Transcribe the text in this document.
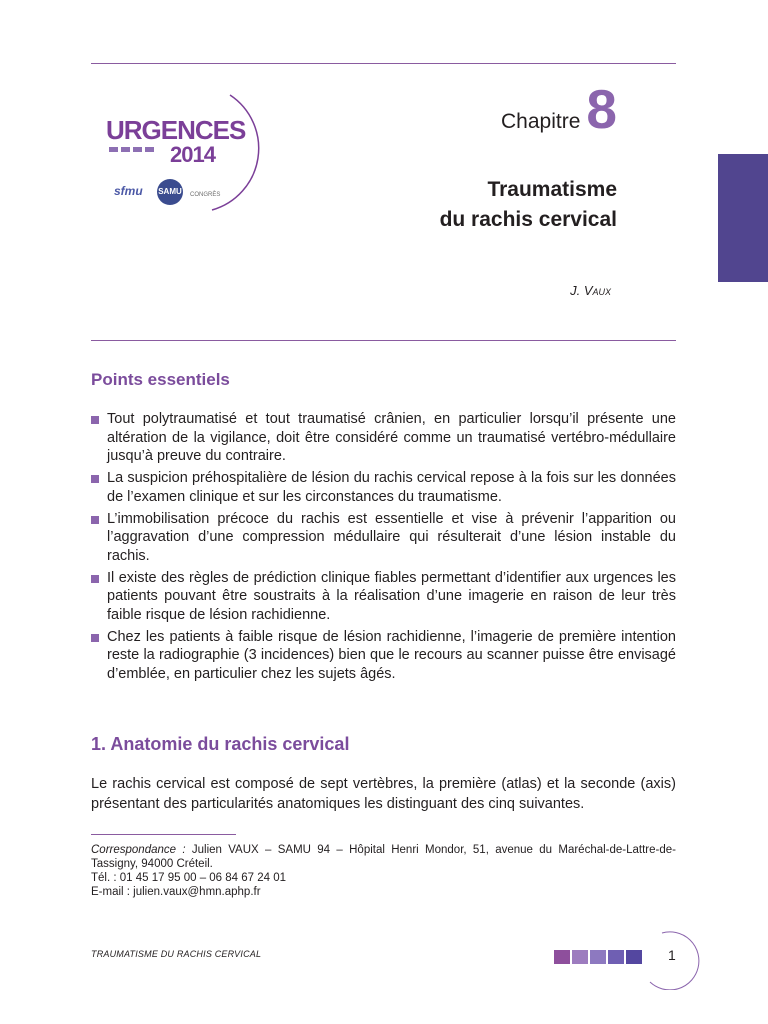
URGENCES
2014
sfmu SAMU CONGRÈS
Chapitre 8
Traumatisme
du rachis cervical
J. Vaux
Points essentiels
Tout polytraumatisé et tout traumatisé crânien, en particulier lorsqu’il présente une altération de la vigilance, doit être considéré comme un traumatisé vertébro-médullaire jusqu’à preuve du contraire.
La suspicion préhospitalière de lésion du rachis cervical repose à la fois sur les données de l’examen clinique et sur les circonstances du traumatisme.
L’immobilisation précoce du rachis est essentielle et vise à prévenir l’apparition ou l’aggravation d’une compression médullaire qui résulterait d’une lésion instable du rachis.
Il existe des règles de prédiction clinique fiables permettant d’identifier aux urgences les patients pouvant être soustraits à la réalisation d’une imagerie en raison de leur très faible risque de lésion rachidienne.
Chez les patients à faible risque de lésion rachidienne, l’imagerie de première intention reste la radiographie (3 incidences) bien que le recours au scanner puisse être envisagé d’emblée, en particulier chez les sujets âgés.
1. Anatomie du rachis cervical

Le rachis cervical est composé de sept vertèbres, la première (atlas) et la seconde (axis) présentant des particularités anatomiques les distinguant des cinq suivantes.

Correspondance : Julien VAUX – SAMU 94 – Hôpital Henri Mondor, 51, avenue du Maréchal-de-Lattre-de-Tassigny, 94000 Créteil.
Tél. : 01 45 17 95 00 – 06 84 67 24 01
E-mail : julien.vaux@hmn.aphp.fr
TRAUMATISME DU RACHIS CERVICAL	1
